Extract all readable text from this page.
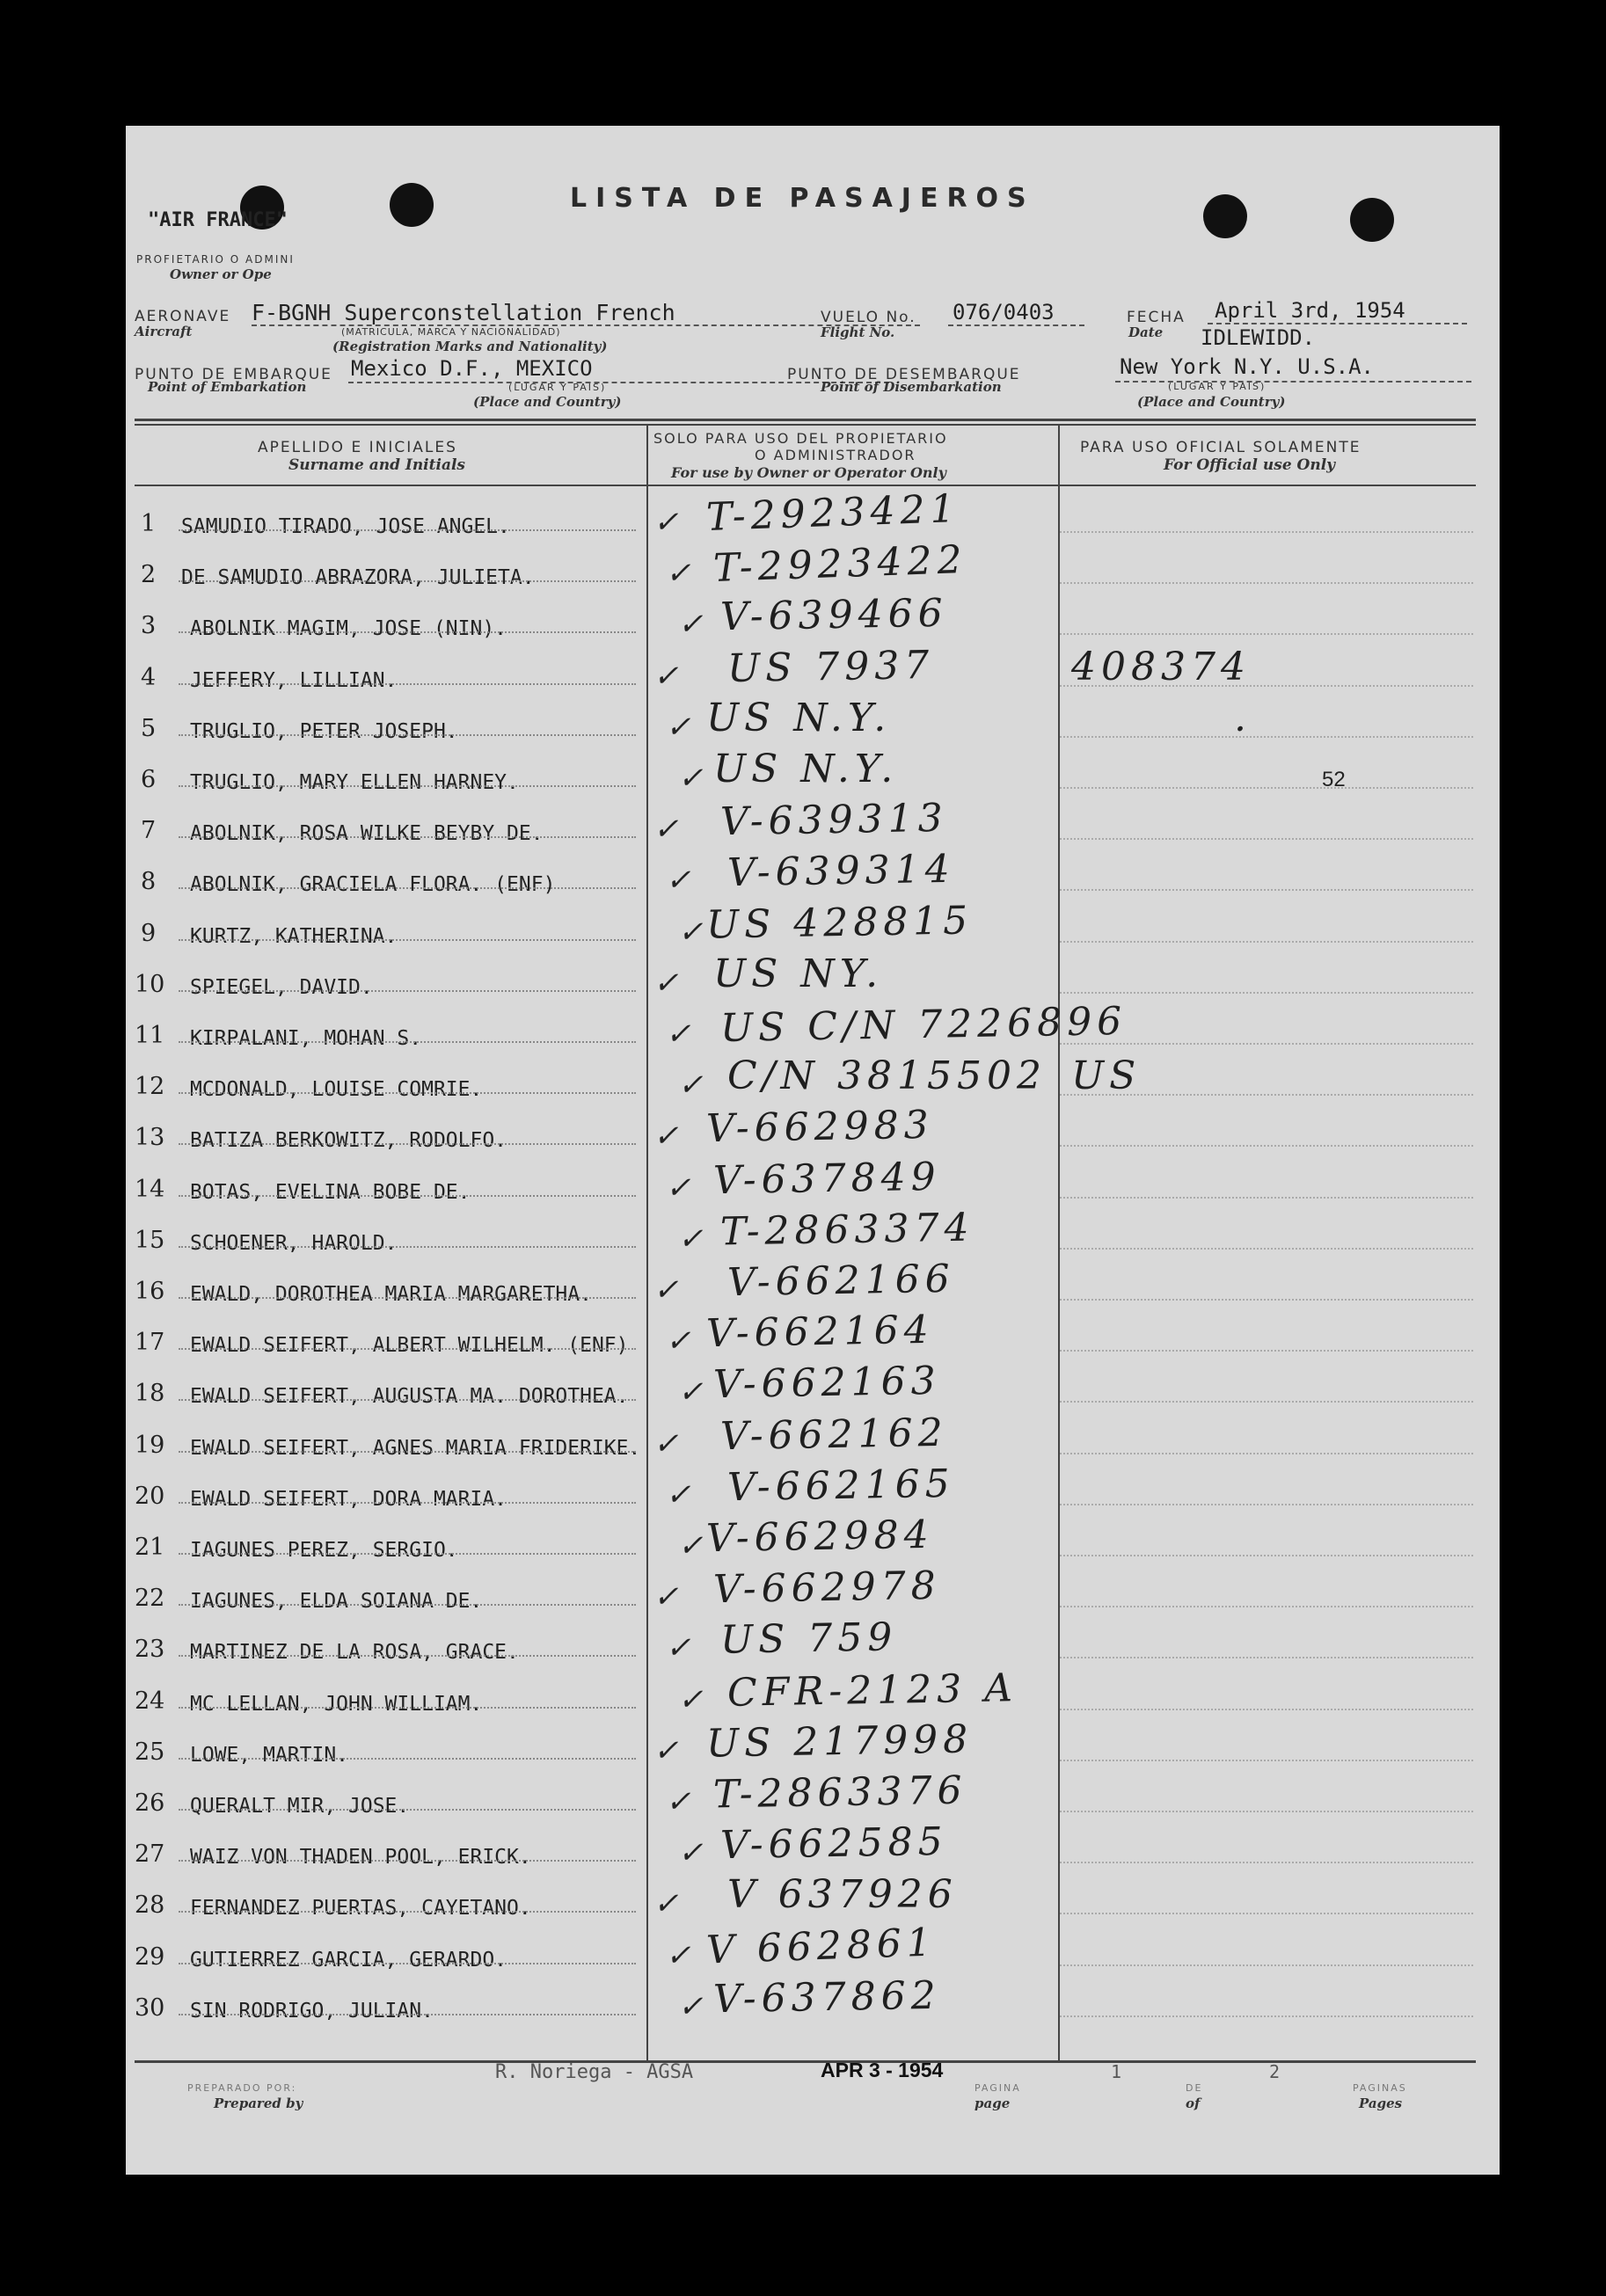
"AIR FRANCE"
LISTA DE PASAJEROS
PROFIETARIO O ADMINI
Owner or Ope
AERONAVE
Aircraft
F-BGNH Superconstellation French
(MATRICULA, MARCA Y NACIONALIDAD)
(Registration Marks and Nationality)
VUELO No.
Flight No.
076/0403	FECHA
Date
April 3rd, 1954
IDLEWIDD.
PUNTO DE EMBARQUE
Point of Embarkation
Mexico D.F., MEXICO
(LUGAR Y PAIS)
(Place and Country)
PUNTO DE DESEMBARQUE
Point of Disembarkation
New York N.Y. U.S.A.
(LUGAR Y PAIS)
(Place and Country)
APELLIDO E INICIALES
Surname and Initials
SOLO PARA USO DEL PROPIETARIO
O ADMINISTRADOR
For use by Owner or Operator Only
PARA USO OFICIAL SOLAMENTE
For Official use Only
1 SAMUDIO TIRADO, JOSE ANGEL.	✓ T-2923421
2 DE SAMUDIO ABRAZORA, JULIETA.	✓ T-2923422
3 ABOLNIK MAGIM, JOSE (NIN).	✓ V-639466
4 JEFFERY, LILLIAN.	✓ US 7937	408374
5 TRUGLIO, PETER JOSEPH.	✓ US N.Y.	.
6 TRUGLIO, MARY ELLEN HARNEY.	✓ US N.Y.	52
7 ABOLNIK, ROSA WILKE BEYBY DE.	✓ V-639313
8 ABOLNIK, GRACIELA FLORA. (ENF)	✓ V-639314
9 KURTZ, KATHERINA.	✓ US 428815
10 SPIEGEL, DAVID.	✓ US NY.
11 KIRPALANI, MOHAN S.	✓ US C/N 7226896
12 MCDONALD, LOUISE COMRIE.	✓ C/N 3815502 US
13 BATIZA BERKOWITZ, RODOLFO.	✓ V-662983
14 BOTAS, EVELINA BOBE DE.	✓ V-637849
15 SCHOENER, HAROLD.	✓ T-2863374
16 EWALD, DOROTHEA MARIA MARGARETHA. ✓ V-662166
17 EWALD SEIFERT, ALBERT WILHELM. (ENF) ✓ V-662164
18 EWALD SEIFERT, AUGUSTA MA. DOROTHEA. ✓ V-662163
19 EWALD SEIFERT, AGNES MARIA FRIDERIKE. ✓ V-662162
20 EWALD SEIFERT, DORA MARIA.	✓ V-662165
21 IAGUNES PEREZ, SERGIO.	✓ V-662984
22 IAGUNES, ELDA SOIANA DE.	✓ V-662978
23 MARTINEZ DE LA ROSA, GRACE.	✓ US 759
24 MC LELLAN, JOHN WILLIAM.	✓ CFR-2123 A
25 LOWE, MARTIN.	✓ US 217998
26 QUERALT MIR, JOSE.	✓ T-2863376
27 WAIZ VON THADEN POOL, ERICK.	✓ V-662585
28 FERNANDEZ PUERTAS, CAYETANO.	✓ V 637926
29 GUTIERREZ GARCIA, GERARDO.	✓ V 662861
30 SIN RODRIGO, JULIAN.	✓ V-637862
PREPARADO POR:
Prepared by
R. Noriega - AGSA	APR 3 - 1954
PAGINA
page
1
DE
of
2
PAGINAS
Pages
